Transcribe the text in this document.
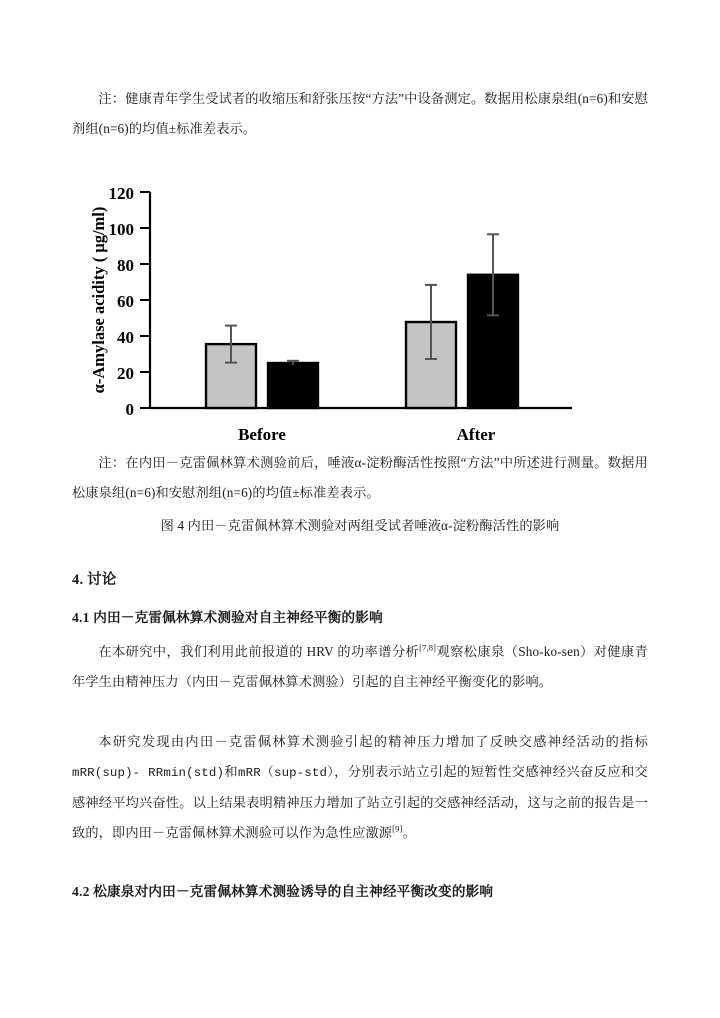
注：健康青年学生受试者的收缩压和舒张压按“方法”中设备测定。数据用松康泉组(n=6)和安慰剂组(n=6)的均值±标准差表示。

120
100
80
60
40
20
0
α-Amylase acidity ( μg/ml)
Before	After

注：在内田－克雷佩林算术测验前后，唾液α-淀粉酶活性按照“方法”中所述进行测量。数据用松康泉组(n=6)和安慰剂组(n=6)的均值±标准差表示。

图 4 内田－克雷佩林算术测验对两组受试者唾液α-淀粉酶活性的影响

4. 讨论
4.1 内田－克雷佩林算术测验对自主神经平衡的影响

在本研究中，我们利用此前报道的 HRV 的功率谱分析[7,8]观察松康泉（Sho-ko-sen）对健康青年学生由精神压力（内田－克雷佩林算术测验）引起的自主神经平衡变化的影响。

本研究发现由内田－克雷佩林算术测验引起的精神压力增加了反映交感神经活动的指标mRR(sup)- RRmin(std)和mRR（sup-std），分别表示站立引起的短暂性交感神经兴奋反应和交感神经平均兴奋性。以上结果表明精神压力增加了站立引起的交感神经活动，这与之前的报告是一致的，即内田－克雷佩林算术测验可以作为急性应激源[9]。

4.2 松康泉对内田－克雷佩林算术测验诱导的自主神经平衡改变的影响
